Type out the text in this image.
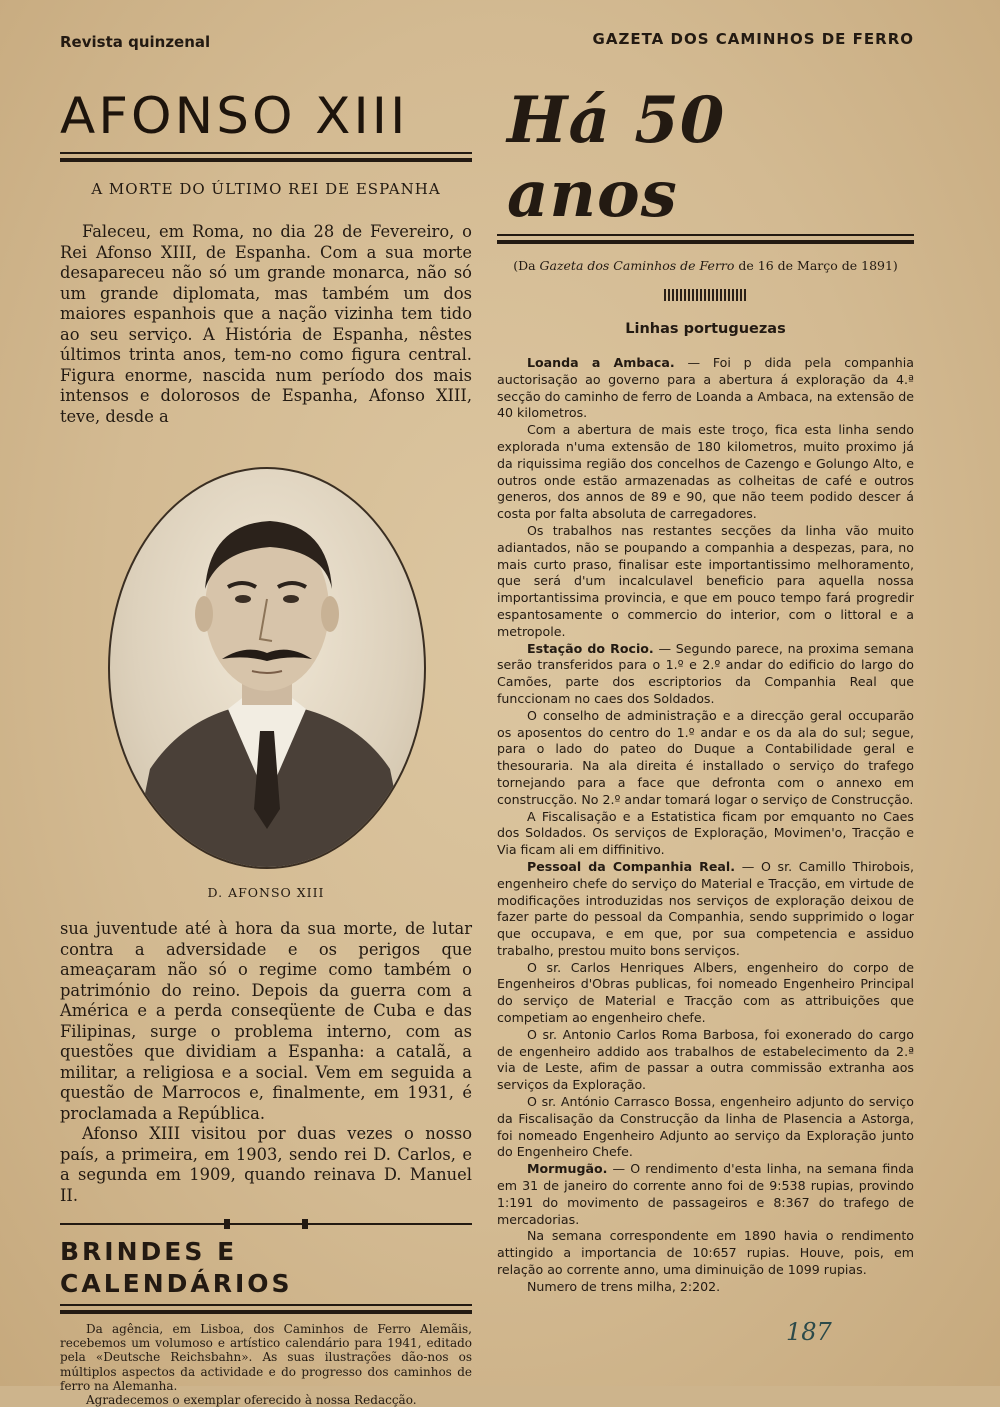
Revista quinzenal	GAZETA DOS CAMINHOS DE FERRO
AFONSO XIII
A MORTE DO ÚLTIMO REI DE ESPANHA

Faleceu, em Roma, no dia 28 de Fevereiro, o Rei Afonso XIII, de Espanha. Com a sua morte desapareceu não só um grande monarca, não só um grande diplomata, mas também um dos maiores espanhois que a nação vizinha tem tido ao seu serviço. A História de Espanha, nêstes últimos trinta anos, tem-no como figura central. Figura enorme, nascida num período dos mais intensos e dolorosos de Espanha, Afonso XIII, teve, desde a

D. AFONSO XIII

sua juventude até à hora da sua morte, de lutar contra a adversidade e os perigos que ameaçaram não só o regime como também o património do reino. Depois da guerra com a América e a perda conseqüente de Cuba e das Filipinas, surge o problema interno, com as questões que dividiam a Espanha: a catalã, a militar, a religiosa e a social. Vem em seguida a questão de Marrocos e, finalmente, em 1931, é proclamada a República.

Afonso XIII visitou por duas vezes o nosso país, a primeira, em 1903, sendo rei D. Carlos, e a segunda em 1909, quando reinava D. Manuel II.

BRINDES E CALENDÁRIOS

Da agência, em Lisboa, dos Caminhos de Ferro Alemãis, recebemos um volumoso e artístico calendário para 1941, editado pela «Deutsche Reichsbahn». As suas ilustrações dão-nos os múltiplos aspectos da actividade e do progresso dos caminhos de ferro na Alemanha.

Agradecemos o exemplar oferecido à nossa Redacção.

Há 50 anos
(Da Gazeta dos Caminhos de Ferro de 16 de Março de 1891)
Linhas portuguezas

Loanda a Ambaca. — Foi p dida pela companhia auctorisação ao governo para a abertura á exploração da 4.ª secção do caminho de ferro de Loanda a Ambaca, na extensão de 40 kilometros.

Com a abertura de mais este troço, fica esta linha sendo explorada n'uma extensão de 180 kilometros, muito proximo já da riquissima região dos concelhos de Cazengo e Golungo Alto, e outros onde estão armazenadas as colheitas de café e outros generos, dos annos de 89 e 90, que não teem podido descer á costa por falta absoluta de carregadores.

Os trabalhos nas restantes secções da linha vão muito adiantados, não se poupando a companhia a despezas, para, no mais curto praso, finalisar este importantissimo melhoramento, que será d'um incalculavel beneficio para aquella nossa importantissima provincia, e que em pouco tempo fará progredir espantosamente o commercio do interior, com o littoral e a metropole.

Estação do Rocio. — Segundo parece, na proxima semana serão transferidos para o 1.º e 2.º andar do edificio do largo do Camões, parte dos escriptorios da Companhia Real que funccionam no caes dos Soldados.

O conselho de administração e a direcção geral occuparão os aposentos do centro do 1.º andar e os da ala do sul; segue, para o lado do pateo do Duque a Contabilidade geral e thesouraria. Na ala direita é installado o serviço do trafego tornejando para a face que defronta com o annexo em construcção. No 2.º andar tomará logar o serviço de Construcção.

A Fiscalisação e a Estatistica ficam por emquanto no Caes dos Soldados. Os serviços de Exploração, Movimen'o, Tracção e Via ficam ali em diffinitivo.

Pessoal da Companhia Real. — O sr. Camillo Thirobois, engenheiro chefe do serviço do Material e Tracção, em virtude de modificações introduzidas nos serviços de exploração deixou de fazer parte do pessoal da Companhia, sendo supprimido o logar que occupava, e em que, por sua competencia e assiduo trabalho, prestou muito bons serviços.

O sr. Carlos Henriques Albers, engenheiro do corpo de Engenheiros d'Obras publicas, foi nomeado Engenheiro Principal do serviço de Material e Tracção com as attribuições que competiam ao engenheiro chefe.

O sr. Antonio Carlos Roma Barbosa, foi exonerado do cargo de engenheiro addido aos trabalhos de estabelecimento da 2.ª via de Leste, afim de passar a outra commissão extranha aos serviços da Exploração.

O sr. António Carrasco Bossa, engenheiro adjunto do serviço da Fiscalisação da Construcção da linha de Plasencia a Astorga, foi nomeado Engenheiro Adjunto ao serviço da Exploração junto do Engenheiro Chefe.

Mormugão. — O rendimento d'esta linha, na semana finda em 31 de janeiro do corrente anno foi de 9:538 rupias, provindo 1:191 do movimento de passageiros e 8:367 do trafego de mercadorias.

Na semana correspondente em 1890 havia o rendimento attingido a importancia de 10:657 rupias. Houve, pois, em relação ao corrente anno, uma diminuição de 1099 rupias.

Numero de trens milha, 2:202.

187
